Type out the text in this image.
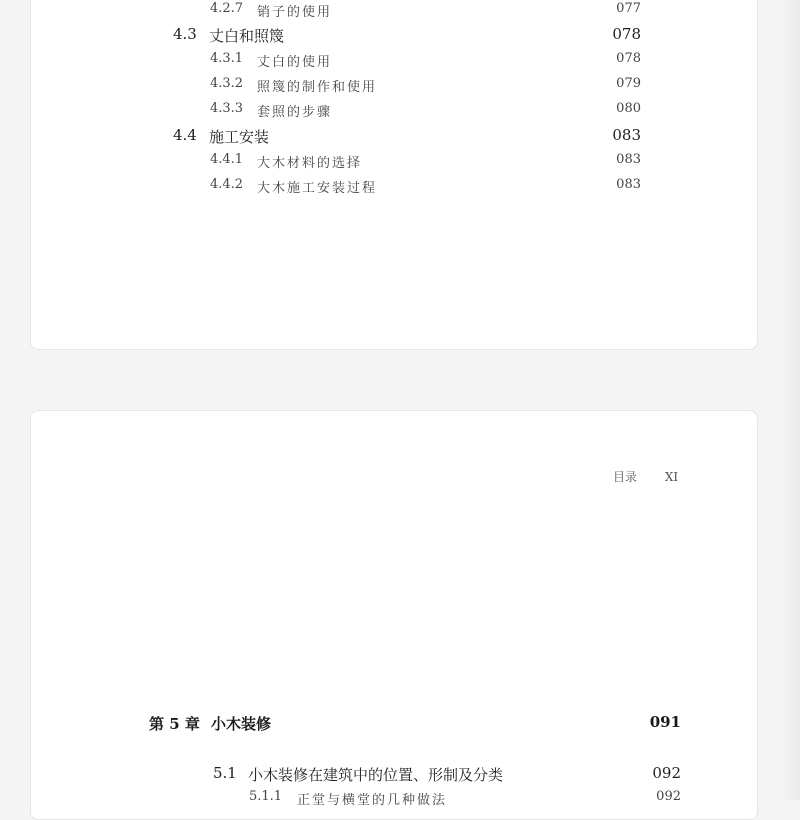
4.2.7 销子的使用	077
4.3 丈白和照篾	078
4.3.1 丈白的使用	078
4.3.2 照篾的制作和使用	079
4.3.3 套照的步骤	080
4.4 施工安装	083
4.4.1 大木材料的选择	083
4.4.2 大木施工安装过程	083
目录 XI
第 5 章 小木装修	091
5.1 小木装修在建筑中的位置、形制及分类	092
5.1.1 正堂与横堂的几种做法	092
